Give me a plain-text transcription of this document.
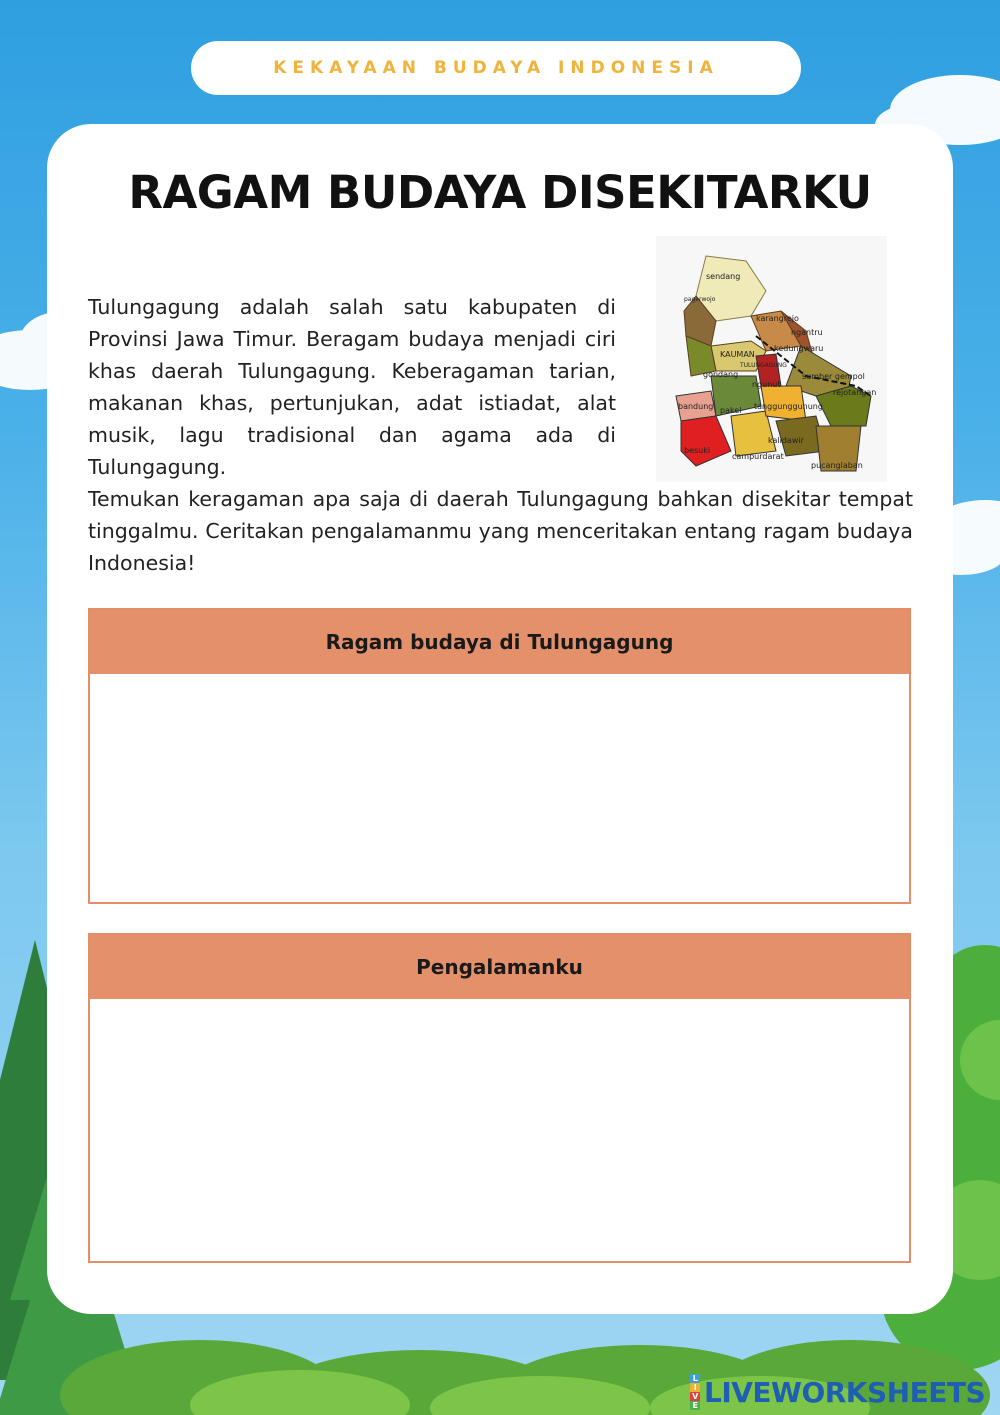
KEKAYAAN BUDAYA INDONESIA
RAGAM BUDAYA DISEKITARKU

Tulungagung adalah salah satu kabupaten di Provinsi Jawa Timur. Beragam budaya menjadi ciri khas daerah Tulungagung. Keberagaman tarian, makanan khas, pertunjukan, adat istiadat, alat musik, lagu tradisional dan agama ada di Tulungagung.

sendang
pagerwojo
karangrejo
ngantru
kedungwaru
KAUMAN
gondang
TULUNGAGUNG
sumber gempol
ngunut
rejotangan
bandung pakel tanggunggunung
kalidawir
campurdarat
besuki
pucanglaban

Temukan keragaman apa saja di daerah Tulungagung bahkan disekitar tempat tinggalmu. Ceritakan pengalamanmu yang menceritakan entang ragam budaya Indonesia!

Ragam budaya di Tulungagung
Pengalamanku
L
I
V
E LIVEWORKSHEETS
